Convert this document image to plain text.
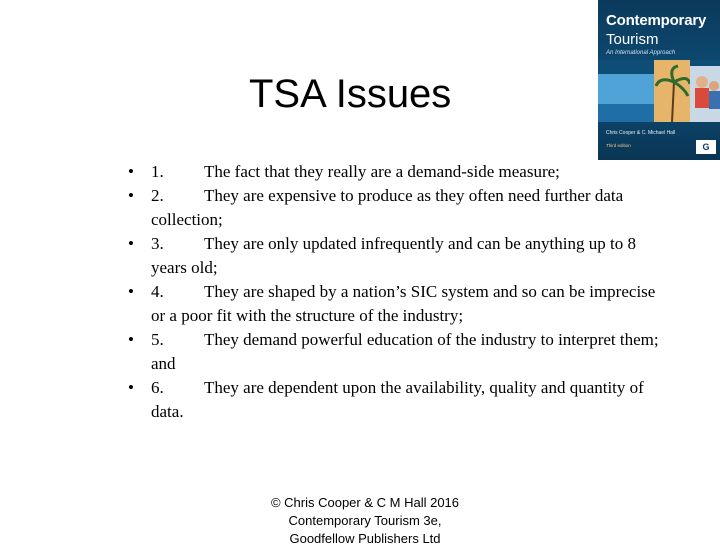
TSA Issues
Contemporary
Tourism
An International Approach
Chris Cooper & C. Michael Hall
Third edition	G
•	1. The fact that they really are a demand-side measure;
•	2. They are expensive to produce as they often need further data collection;
•	3. They are only updated infrequently and can be anything up to 8 years old;
•	4. They are shaped by a nation’s SIC system and so can be imprecise or a poor fit with the structure of the industry;
•	5. They demand powerful education of the industry to interpret them; and
•	6. They are dependent upon the availability, quality and quantity of data.
© Chris Cooper & C M Hall 2016
Contemporary Tourism 3e,
Goodfellow Publishers Ltd
